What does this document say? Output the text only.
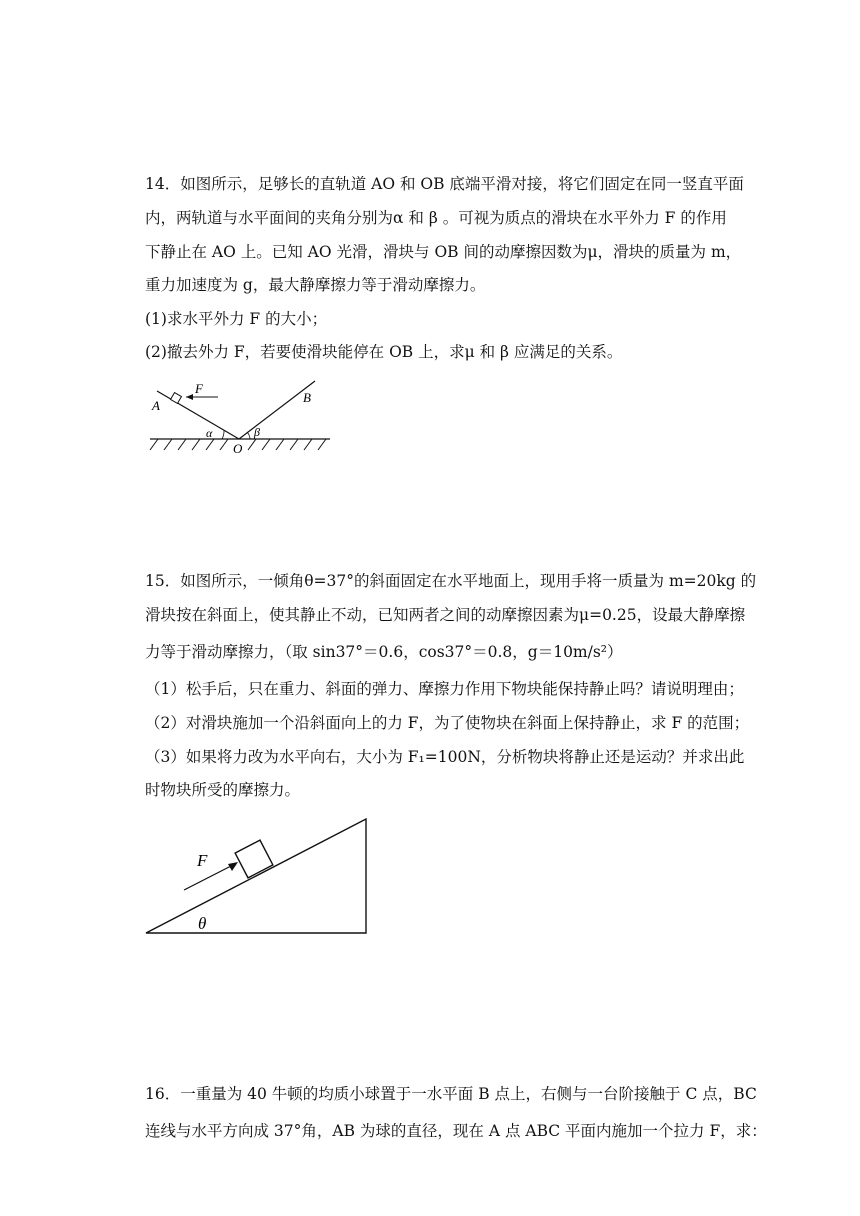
14．如图所示，足够长的直轨道 AO 和 OB 底端平滑对接，将它们固定在同一竖直平面
内，两轨道与水平面间的夹角分别为α 和 β 。可视为质点的滑块在水平外力 F 的作用
下静止在 AO 上。已知 AO 光滑，滑块与 OB 间的动摩擦因数为μ，滑块的质量为 m，
重力加速度为 g，最大静摩擦力等于滑动摩擦力。
(1)求水平外力 F 的大小；
(2)撤去外力 F，若要使滑块能停在 OB 上，求μ 和 β 应满足的关系。
F
A
B
α	β
O
15．如图所示，一倾角θ=37°的斜面固定在水平地面上，现用手将一质量为 m=20kg 的
滑块按在斜面上，使其静止不动，已知两者之间的动摩擦因素为μ=0.25，设最大静摩擦
力等于滑动摩擦力，（取 sin37°＝0.6，cos37°＝0.8，g＝10m/s²）
（1）松手后，只在重力、斜面的弹力、摩擦力作用下物块能保持静止吗？请说明理由；
（2）对滑块施加一个沿斜面向上的力 F，为了使物块在斜面上保持静止，求 F 的范围；
（3）如果将力改为水平向右，大小为 F₁=100N，分析物块将静止还是运动？并求出此
时物块所受的摩擦力。
F
θ
16．一重量为 40 牛顿的均质小球置于一水平面 B 点上，右侧与一台阶接触于 C 点，BC
连线与水平方向成 37°角，AB 为球的直径，现在 A 点 ABC 平面内施加一个拉力 F，求：
